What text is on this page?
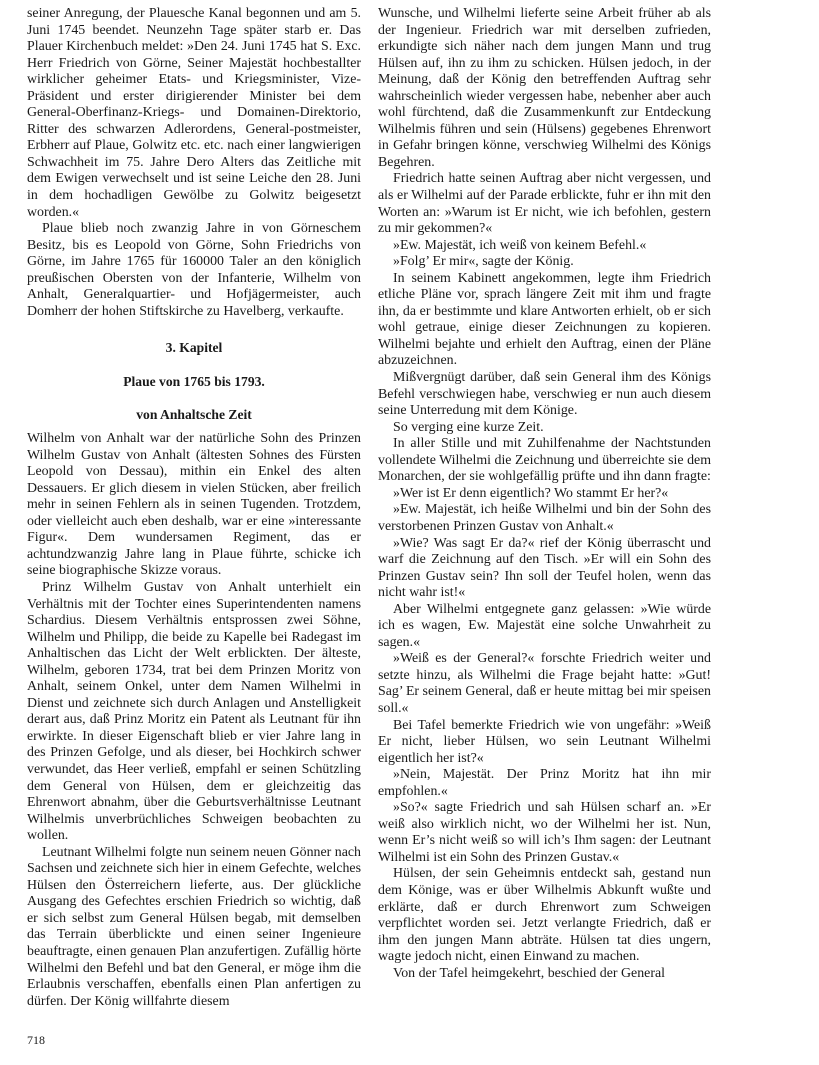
seiner Anregung, der Plauesche Kanal begonnen und am 5. Juni 1745 beendet. Neunzehn Tage später starb er. Das Plauer Kirchenbuch meldet: »Den 24. Juni 1745 hat S. Exc. Herr Friedrich von Görne, Seiner Majestät hochbestallter wirklicher geheimer Etats- und Kriegsminister, Vize-Präsident und erster dirigierender Minister bei dem General-Oberfinanz-Kriegs- und Domainen-Direktorio, Ritter des schwarzen Adlerordens, General-postmeister, Erbherr auf Plaue, Golwitz etc. etc. nach einer langwierigen Schwachheit im 75. Jahre Dero Alters das Zeitliche mit dem Ewigen verwechselt und ist seine Leiche den 28. Juni in dem hochadligen Gewölbe zu Golwitz beigesetzt worden.«

Plaue blieb noch zwanzig Jahre in von Görneschem Besitz, bis es Leopold von Görne, Sohn Friedrichs von Görne, im Jahre 1765 für 160000 Taler an den königlich preußischen Obersten von der Infanterie, Wilhelm von Anhalt, Generalquartier- und Hofjägermeister, auch Domherr der hohen Stiftskirche zu Havelberg, verkaufte.

3. Kapitel

Plaue von 1765 bis 1793.

von Anhaltsche Zeit

Wilhelm von Anhalt war der natürliche Sohn des Prinzen Wilhelm Gustav von Anhalt (ältesten Sohnes des Fürsten Leopold von Dessau), mithin ein Enkel des alten Dessauers. Er glich diesem in vielen Stücken, aber freilich mehr in seinen Fehlern als in seinen Tugenden. Trotzdem, oder vielleicht auch eben deshalb, war er eine »interessante Figur«. Dem wundersamen Regiment, das er achtundzwanzig Jahre lang in Plaue führte, schicke ich seine biographische Skizze voraus.

Prinz Wilhelm Gustav von Anhalt unterhielt ein Verhältnis mit der Tochter eines Superintendenten namens Schardius. Diesem Verhältnis entsprossen zwei Söhne, Wilhelm und Philipp, die beide zu Kapelle bei Radegast im Anhaltischen das Licht der Welt erblickten. Der älteste, Wilhelm, geboren 1734, trat bei dem Prinzen Moritz von Anhalt, seinem Onkel, unter dem Namen Wilhelmi in Dienst und zeichnete sich durch Anlagen und Anstelligkeit derart aus, daß Prinz Moritz ein Patent als Leutnant für ihn erwirkte. In dieser Eigenschaft blieb er vier Jahre lang in des Prinzen Gefolge, und als dieser, bei Hochkirch schwer verwundet, das Heer verließ, empfahl er seinen Schützling dem General von Hülsen, dem er gleichzeitig das Ehrenwort abnahm, über die Geburtsverhältnisse Leutnant Wilhelmis unverbrüchliches Schweigen beobachten zu wollen.

Leutnant Wilhelmi folgte nun seinem neuen Gönner nach Sachsen und zeichnete sich hier in einem Gefechte, welches Hülsen den Österreichern lieferte, aus. Der glückliche Ausgang des Gefechtes erschien Friedrich so wichtig, daß er sich selbst zum General Hülsen begab, mit demselben das Terrain überblickte und einen seiner Ingenieure beauftragte, einen genauen Plan anzufertigen. Zufällig hörte Wilhelmi den Befehl und bat den General, er möge ihm die Erlaubnis verschaffen, ebenfalls einen Plan anfertigen zu dürfen. Der König willfahrte diesem

Wunsche, und Wilhelmi lieferte seine Arbeit früher ab als der Ingenieur. Friedrich war mit derselben zufrieden, erkundigte sich näher nach dem jungen Mann und trug Hülsen auf, ihn zu ihm zu schicken. Hülsen jedoch, in der Meinung, daß der König den betreffenden Auftrag sehr wahrscheinlich wieder vergessen habe, nebenher aber auch wohl fürchtend, daß die Zusammenkunft zur Entdeckung Wilhelmis führen und sein (Hülsens) gegebenes Ehrenwort in Gefahr bringen könne, verschwieg Wilhelmi des Königs Begehren.

Friedrich hatte seinen Auftrag aber nicht vergessen, und als er Wilhelmi auf der Parade erblickte, fuhr er ihn mit den Worten an: »Warum ist Er nicht, wie ich befohlen, gestern zu mir gekommen?«

»Ew. Majestät, ich weiß von keinem Befehl.«

»Folg’ Er mir«, sagte der König.

In seinem Kabinett angekommen, legte ihm Friedrich etliche Pläne vor, sprach längere Zeit mit ihm und fragte ihn, da er bestimmte und klare Antworten erhielt, ob er sich wohl getraue, einige dieser Zeichnungen zu kopieren. Wilhelmi bejahte und erhielt den Auftrag, einen der Pläne abzuzeichnen.

Mißvergnügt darüber, daß sein General ihm des Königs Befehl verschwiegen habe, verschwieg er nun auch diesem seine Unterredung mit dem Könige.

So verging eine kurze Zeit.

In aller Stille und mit Zuhilfenahme der Nachtstunden vollendete Wilhelmi die Zeichnung und überreichte sie dem Monarchen, der sie wohlgefällig prüfte und ihn dann fragte:

»Wer ist Er denn eigentlich? Wo stammt Er her?«

»Ew. Majestät, ich heiße Wilhelmi und bin der Sohn des verstorbenen Prinzen Gustav von Anhalt.«

»Wie? Was sagt Er da?« rief der König überrascht und warf die Zeichnung auf den Tisch. »Er will ein Sohn des Prinzen Gustav sein? Ihn soll der Teufel holen, wenn das nicht wahr ist!«

Aber Wilhelmi entgegnete ganz gelassen: »Wie würde ich es wagen, Ew. Majestät eine solche Unwahrheit zu sagen.«

»Weiß es der General?« forschte Friedrich weiter und setzte hinzu, als Wilhelmi die Frage bejaht hatte: »Gut! Sag’ Er seinem General, daß er heute mittag bei mir speisen soll.«

Bei Tafel bemerkte Friedrich wie von ungefähr: »Weiß Er nicht, lieber Hülsen, wo sein Leutnant Wilhelmi eigentlich her ist?«

»Nein, Majestät. Der Prinz Moritz hat ihn mir empfohlen.«

»So?« sagte Friedrich und sah Hülsen scharf an. »Er weiß also wirklich nicht, wo der Wilhelmi her ist. Nun, wenn Er’s nicht weiß so will ich’s Ihm sagen: der Leutnant Wilhelmi ist ein Sohn des Prinzen Gustav.«

Hülsen, der sein Geheimnis entdeckt sah, gestand nun dem Könige, was er über Wilhelmis Abkunft wußte und erklärte, daß er durch Ehrenwort zum Schweigen verpflichtet worden sei. Jetzt verlangte Friedrich, daß er ihm den jungen Mann abträte. Hülsen tat dies ungern, wagte jedoch nicht, einen Einwand zu machen.

Von der Tafel heimgekehrt, beschied der General

718
